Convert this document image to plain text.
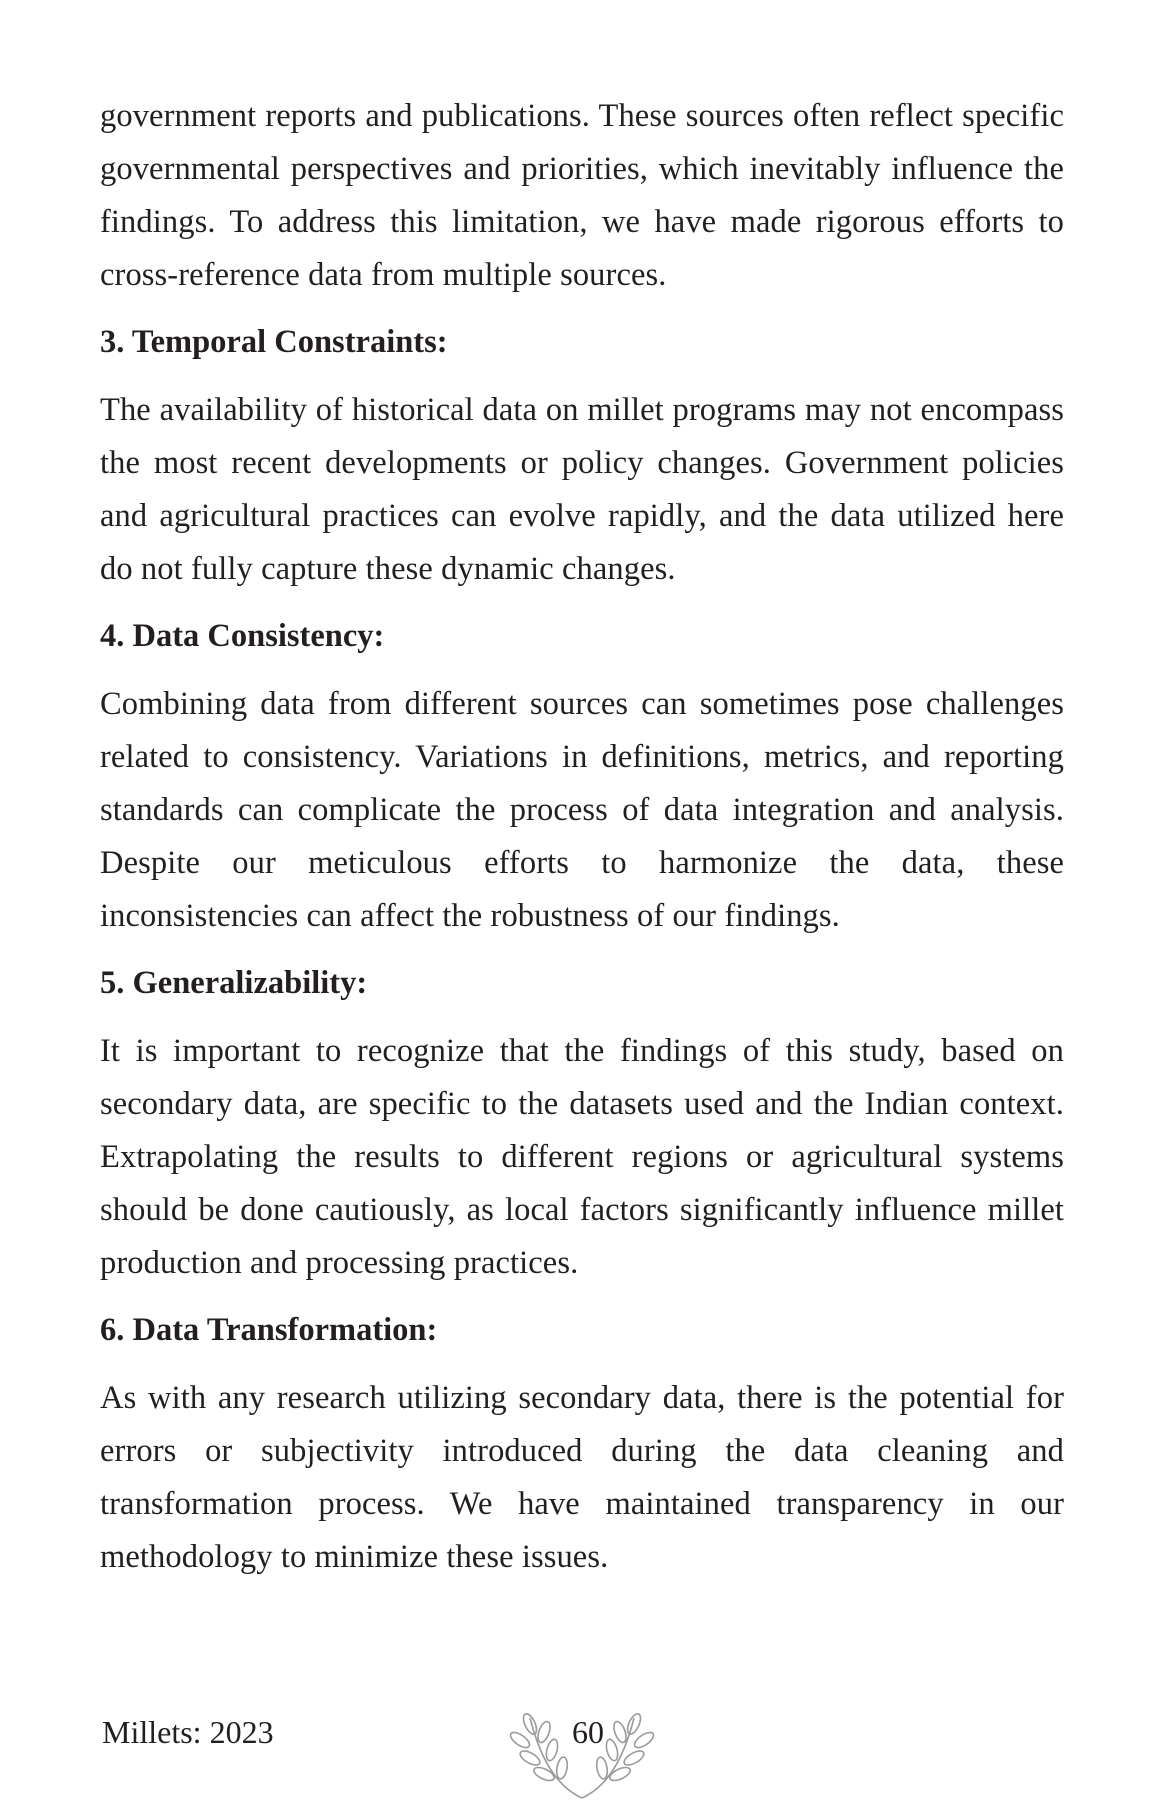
government reports and publications. These sources often reflect specific governmental perspectives and priorities, which inevitably influence the findings. To address this limitation, we have made rigorous efforts to cross-reference data from multiple sources.

3. Temporal Constraints:

The availability of historical data on millet programs may not encompass the most recent developments or policy changes. Government policies and agricultural practices can evolve rapidly, and the data utilized here do not fully capture these dynamic changes.

4. Data Consistency:

Combining data from different sources can sometimes pose challenges related to consistency. Variations in definitions, metrics, and reporting standards can complicate the process of data integration and analysis. Despite our meticulous efforts to harmonize the data, these inconsistencies can affect the robustness of our findings.

5. Generalizability:

It is important to recognize that the findings of this study, based on secondary data, are specific to the datasets used and the Indian context. Extrapolating the results to different regions or agricultural systems should be done cautiously, as local factors significantly influence millet production and processing practices.

6. Data Transformation:

As with any research utilizing secondary data, there is the potential for errors or subjectivity introduced during the data cleaning and transformation process. We have maintained transparency in our methodology to minimize these issues.

Millets: 2023	60
